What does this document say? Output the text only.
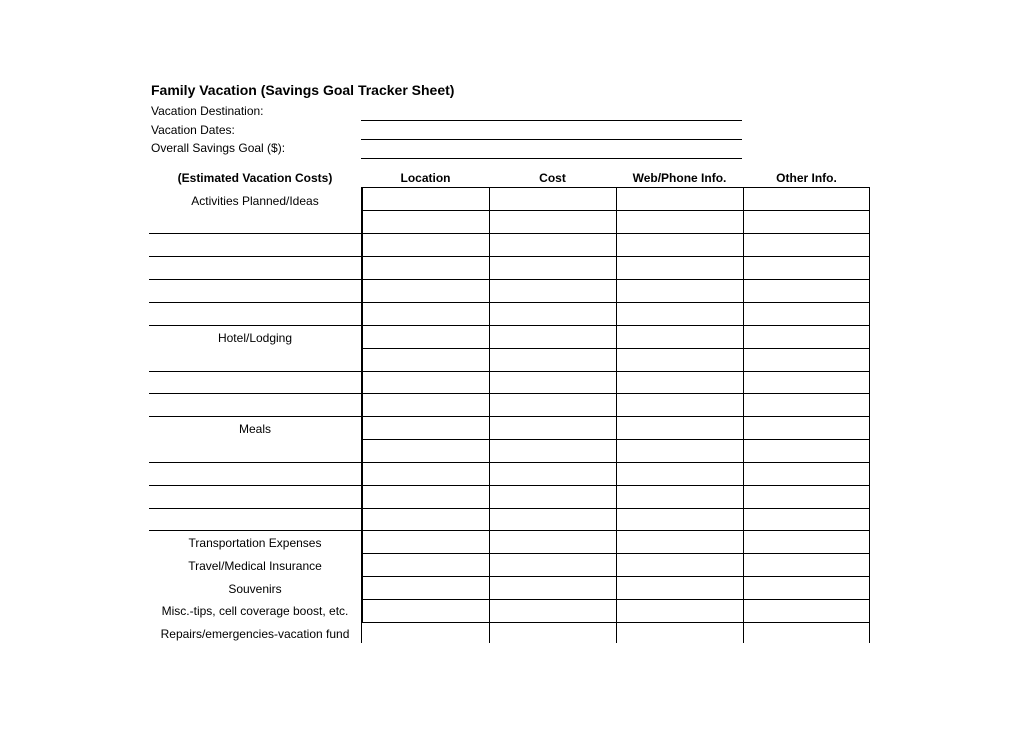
Family Vacation (Savings Goal Tracker Sheet)
Vacation Destination:
Vacation Dates:
Overall Savings Goal ($):
(Estimated Vacation Costs)	Location	Cost	Web/Phone Info.	Other Info.
Activities Planned/Ideas
Hotel/Lodging
Meals
Transportation Expenses
Travel/Medical Insurance
Souvenirs
Misc.-tips, cell coverage boost, etc.
Repairs/emergencies-vacation fund
